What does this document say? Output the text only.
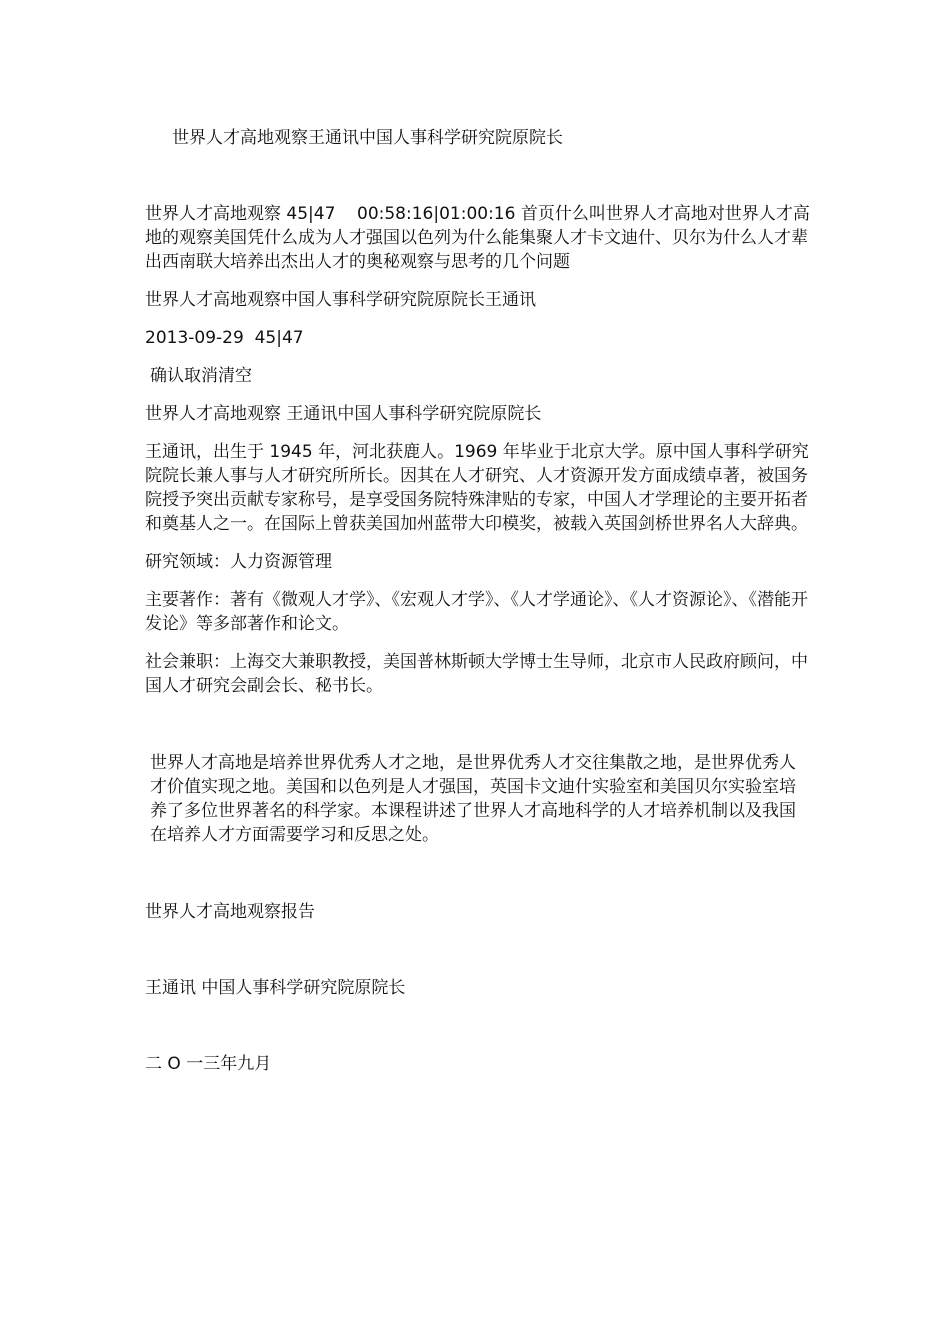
世界人才高地观察王通讯中国人事科学研究院原院长

世界人才高地观察 45|47    00:58:16|01:00:16 首页什么叫世界人才高地对世界人才高地的观察美国凭什么成为人才强国以色列为什么能集聚人才卡文迪什、贝尔为什么人才辈出西南联大培养出杰出人才的奥秘观察与思考的几个问题

世界人才高地观察中国人事科学研究院原院长王通讯

2013-09-29  45|47

确认取消清空

世界人才高地观察 王通讯中国人事科学研究院原院长

王通讯，出生于 1945 年，河北获鹿人。1969 年毕业于北京大学。原中国人事科学研究院院长兼人事与人才研究所所长。因其在人才研究、人才资源开发方面成绩卓著，被国务院授予突出贡献专家称号，是享受国务院特殊津贴的专家，中国人才学理论的主要开拓者和奠基人之一。在国际上曾获美国加州蓝带大印模奖，被载入英国剑桥世界名人大辞典。

研究领域：人力资源管理

主要著作：著有《微观人才学》、《宏观人才学》、《人才学通论》、《人才资源论》、《潜能开发论》等多部著作和论文。

社会兼职：上海交大兼职教授，美国普林斯顿大学博士生导师，北京市人民政府顾问，中国人才研究会副会长、秘书长。

世界人才高地是培养世界优秀人才之地，是世界优秀人才交往集散之地，是世界优秀人才价值实现之地。美国和以色列是人才强国，英国卡文迪什实验室和美国贝尔实验室培养了多位世界著名的科学家。本课程讲述了世界人才高地科学的人才培养机制以及我国在培养人才方面需要学习和反思之处。

世界人才高地观察报告

王通讯 中国人事科学研究院原院长

二 O 一三年九月
